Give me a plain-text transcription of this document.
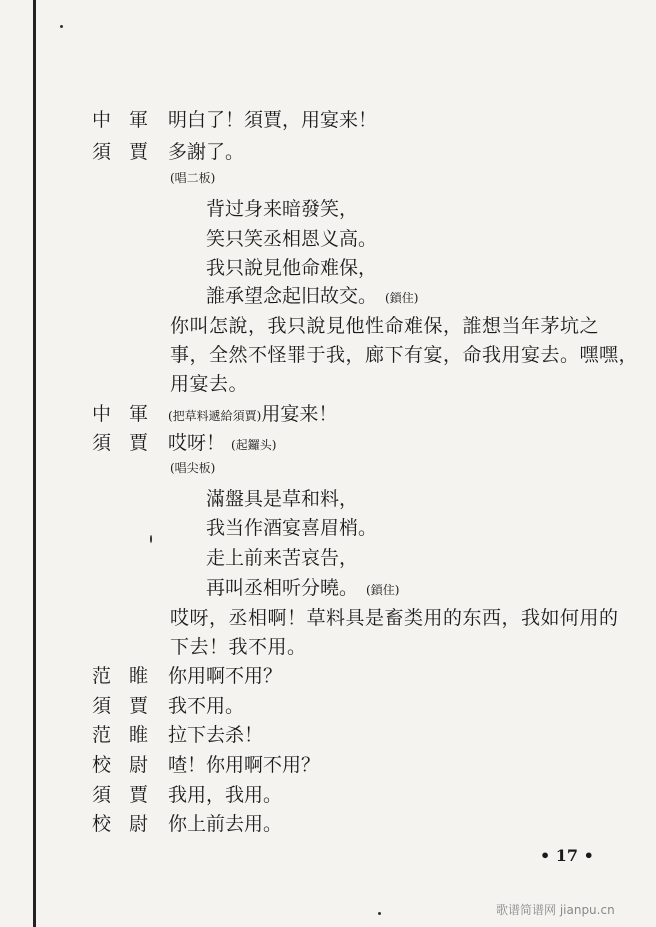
中 軍 明白了！須賈，用宴来！
須 賈 多謝了。
(唱二板)
背过身来暗發笑，
笑只笑丞相恩义高。
我只說見他命难保，
誰承望念起旧故交。 (鎖住)
你叫怎說，我只說見他性命难保，誰想当年茅坑之
事，全然不怪罪于我，廊下有宴，命我用宴去。嘿嘿，
用宴去。
中 軍 (把草料遞給須賈)用宴来！
須 賈 哎呀！ (起鑼头)
(唱尖板)
滿盤具是草和料，
我当作酒宴喜眉梢。
走上前来苦哀告，
再叫丞相听分曉。 (鎖住)
哎呀，丞相啊！草料具是畜类用的东西，我如何用的
下去！我不用。
范 睢 你用啊不用？
須 賈 我不用。
范 睢 拉下去杀！
校 尉 喳！你用啊不用？
須 賈 我用，我用。
校 尉 你上前去用。
• 17 •
歌谱简谱网 jianpu.cn
